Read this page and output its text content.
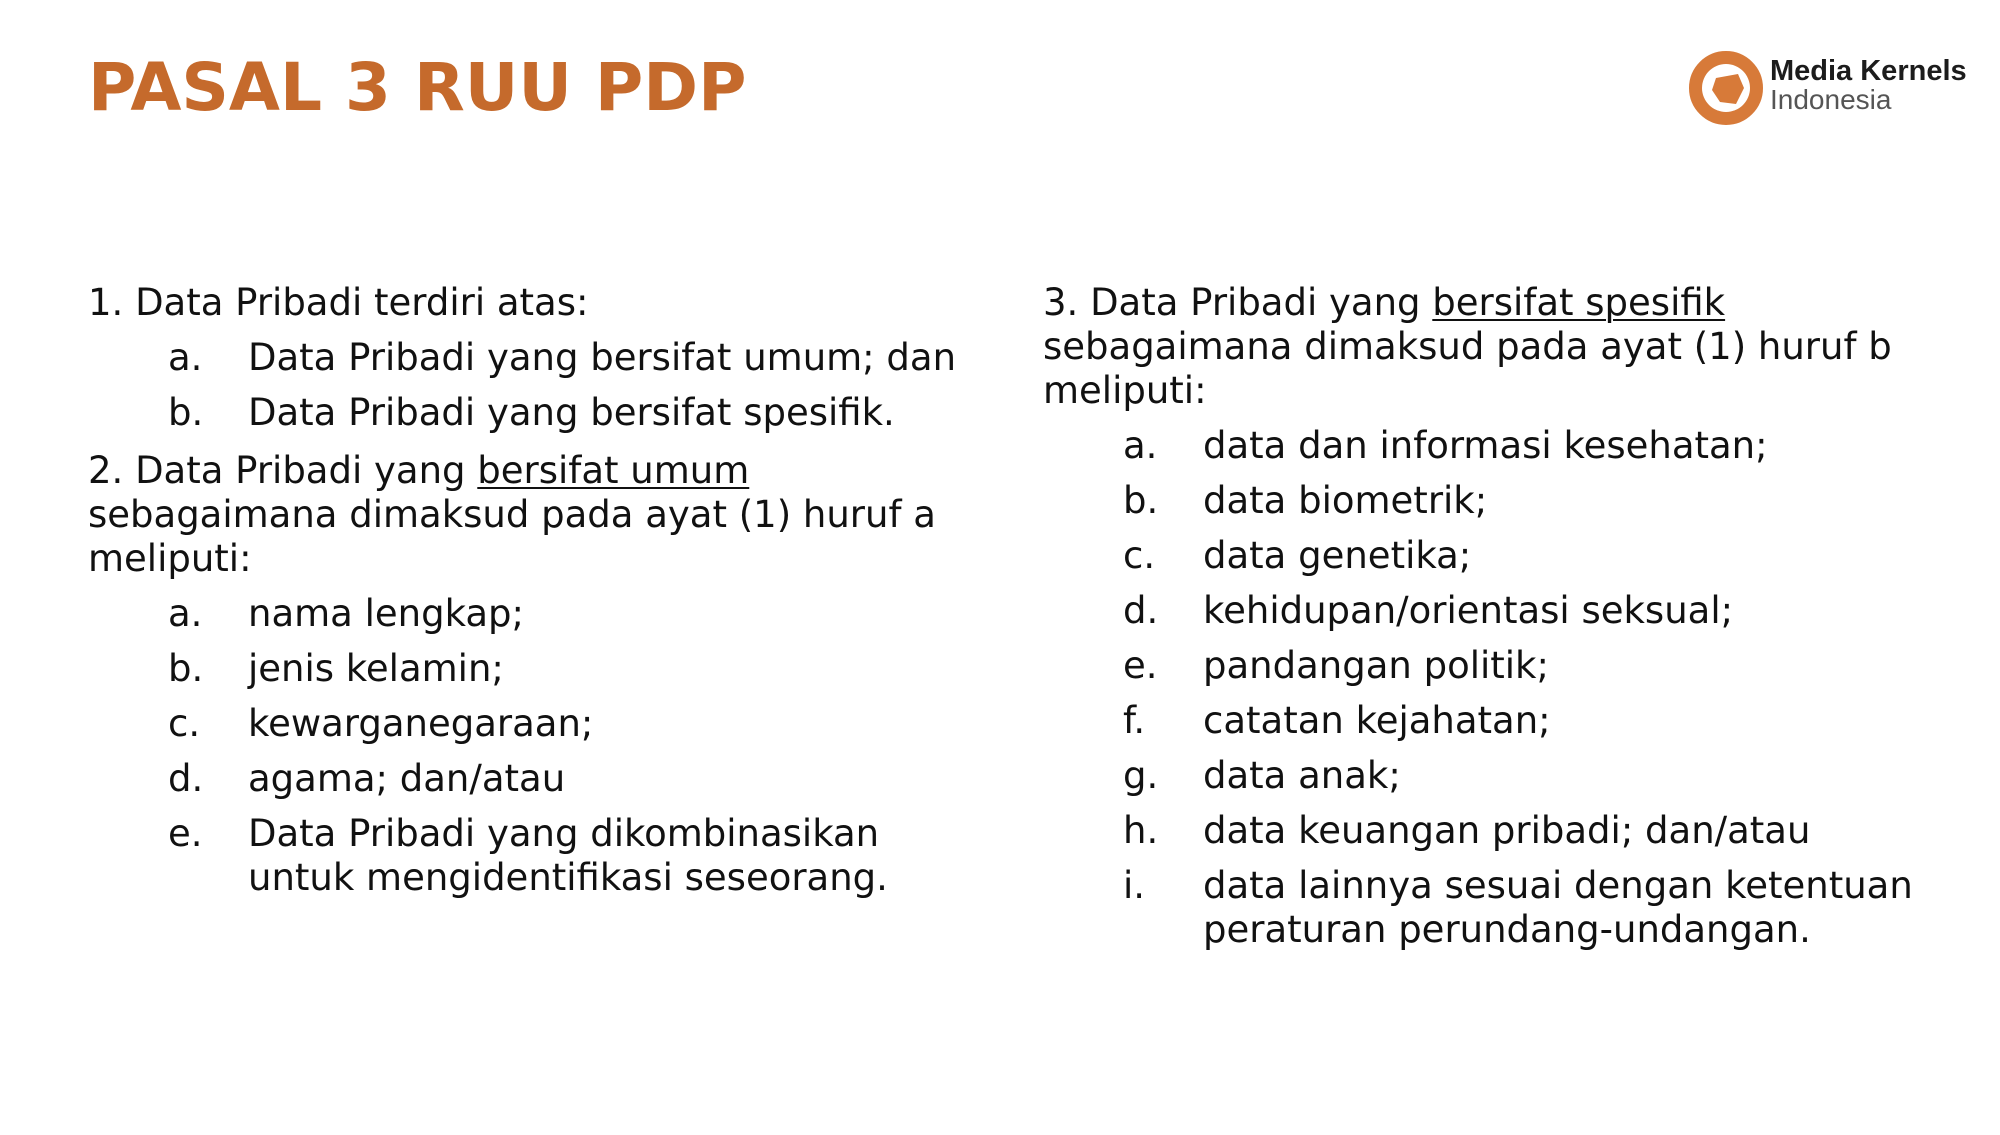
PASAL 3 RUU PDP	Media Kernels
Indonesia

1. Data Pribadi terdiri atas:

a.	Data Pribadi yang bersifat umum; dan
b.	Data Pribadi yang bersifat spesifik.

2. Data Pribadi yang bersifat umum
sebagaimana dimaksud pada ayat (1) huruf a meliputi:

a.	nama lengkap;
b.	jenis kelamin;
c.	kewarganegaraan;
d.	agama; dan/atau
e.	Data Pribadi yang dikombinasikan untuk mengidentifikasi seseorang.

3. Data Pribadi yang bersifat spesifik
sebagaimana dimaksud pada ayat (1) huruf b meliputi:

a.	data dan informasi kesehatan;
b.	data biometrik;
c.	data genetika;
d.	kehidupan/orientasi seksual;
e.	pandangan politik;
f.	catatan kejahatan;
g.	data anak;
h.	data keuangan pribadi; dan/atau
i.	data lainnya sesuai dengan ketentuan peraturan perundang-undangan.
